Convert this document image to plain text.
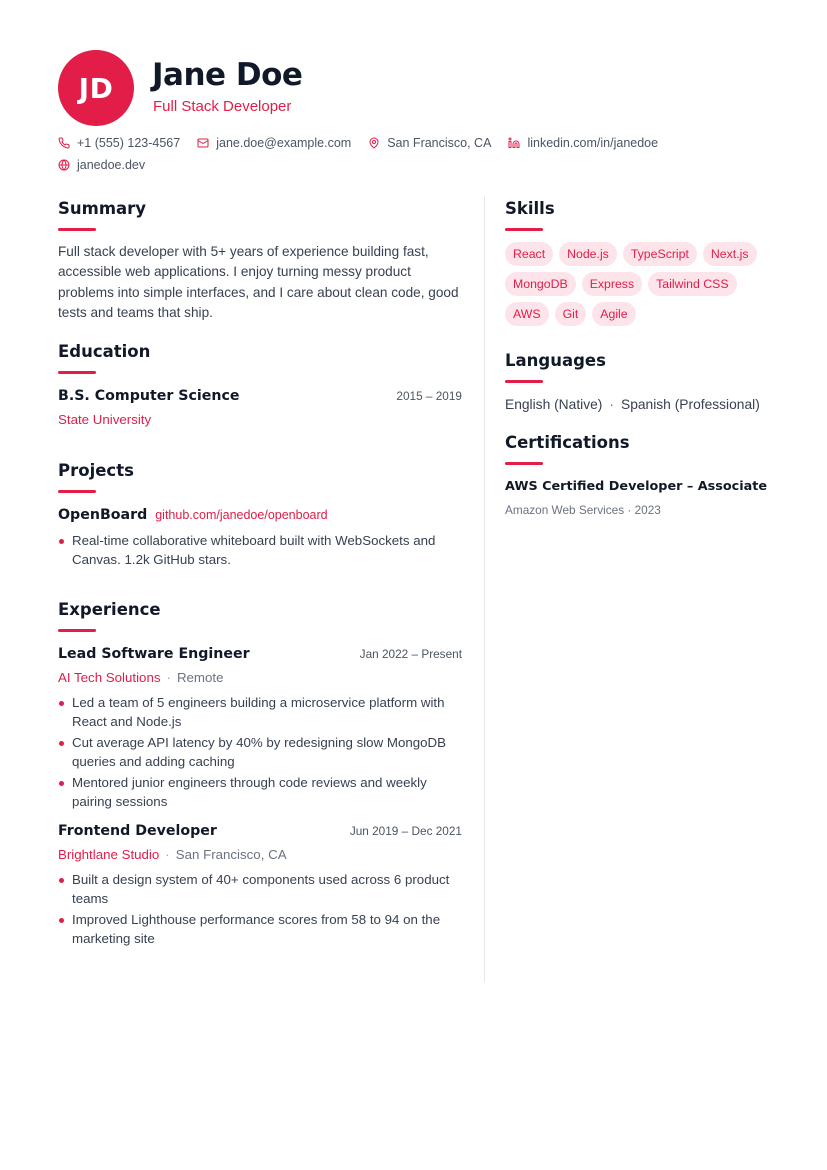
JD	Jane Doe
Full Stack Developer
+1 (555) 123-4567	jane.doe@example.com	San Francisco, CA	linkedin.com/in/janedoe
janedoe.dev
Summary
Full stack developer with 5+ years of experience building fast, accessible web applications. I enjoy turning messy product problems into simple interfaces, and I care about clean code, good tests and teams that ship.
Education
B.S. Computer Science	2015 – 2019
State University
Projects
OpenBoard github.com/janedoe/openboard
Real-time collaborative whiteboard built with WebSockets and Canvas. 1.2k GitHub stars.
Experience
Lead Software Engineer	Jan 2022 – Present
AI Tech Solutions · Remote
Led a team of 5 engineers building a microservice platform with React and Node.js
Cut average API latency by 40% by redesigning slow MongoDB queries and adding caching
Mentored junior engineers through code reviews and weekly pairing sessions
Frontend Developer	Jun 2019 – Dec 2021
Brightlane Studio · San Francisco, CA
Built a design system of 40+ components used across 6 product teams
Improved Lighthouse performance scores from 58 to 94 on the marketing site
Skills
React	Node.js	TypeScript	Next.js
MongoDB	Express	Tailwind CSS
AWS	Git	Agile
Languages
English (Native) · Spanish (Professional)
Certifications
AWS Certified Developer – Associate
Amazon Web Services · 2023
